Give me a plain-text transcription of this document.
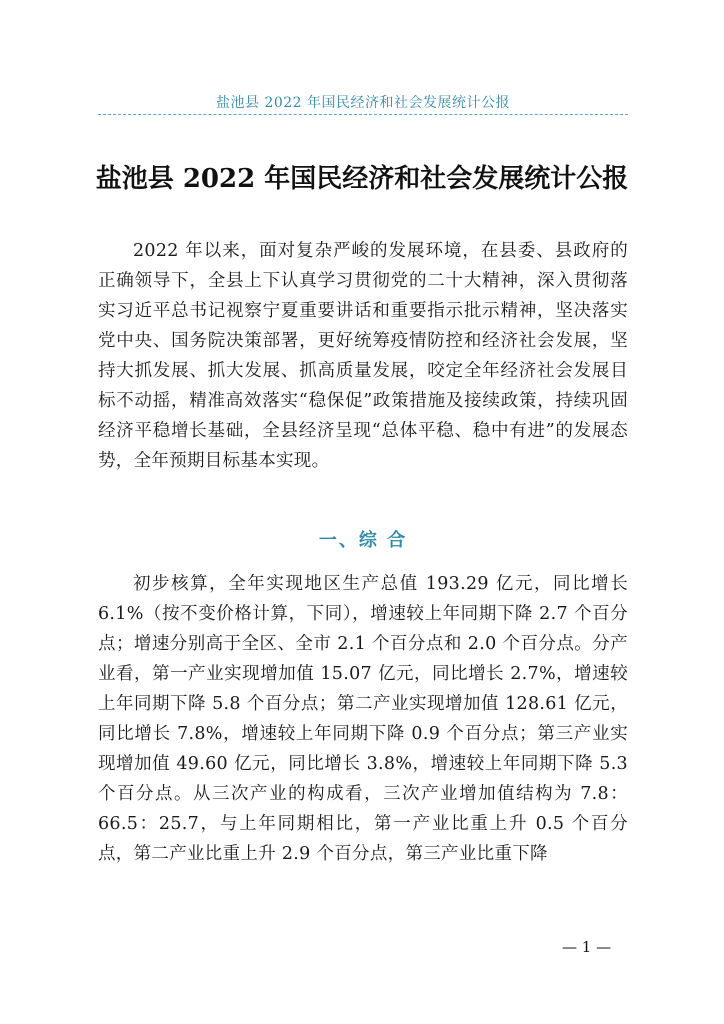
盐池县 2022 年国民经济和社会发展统计公报
盐池县 2022 年国民经济和社会发展统计公报

2022 年以来，面对复杂严峻的发展环境，在县委、县政府的正确领导下，全县上下认真学习贯彻党的二十大精神，深入贯彻落实习近平总书记视察宁夏重要讲话和重要指示批示精神，坚决落实党中央、国务院决策部署，更好统筹疫情防控和经济社会发展，坚持大抓发展、抓大发展、抓高质量发展，咬定全年经济社会发展目标不动摇，精准高效落实“稳保促”政策措施及接续政策，持续巩固经济平稳增长基础，全县经济呈现“总体平稳、稳中有进”的发展态势，全年预期目标基本实现。

一、综 合

初步核算，全年实现地区生产总值 193.29 亿元，同比增长 6.1%（按不变价格计算，下同），增速较上年同期下降 2.7 个百分点；增速分别高于全区、全市 2.1 个百分点和 2.0 个百分点。分产业看，第一产业实现增加值 15.07 亿元，同比增长 2.7%，增速较上年同期下降 5.8 个百分点；第二产业实现增加值 128.61 亿元，同比增长 7.8%，增速较上年同期下降 0.9 个百分点；第三产业实现增加值 49.60 亿元，同比增长 3.8%，增速较上年同期下降 5.3 个百分点。从三次产业的构成看，三次产业增加值结构为 7.8：66.5：25.7，与上年同期相比，第一产业比重上升 0.5 个百分点，第二产业比重上升 2.9 个百分点，第三产业比重下降

— 1 —
